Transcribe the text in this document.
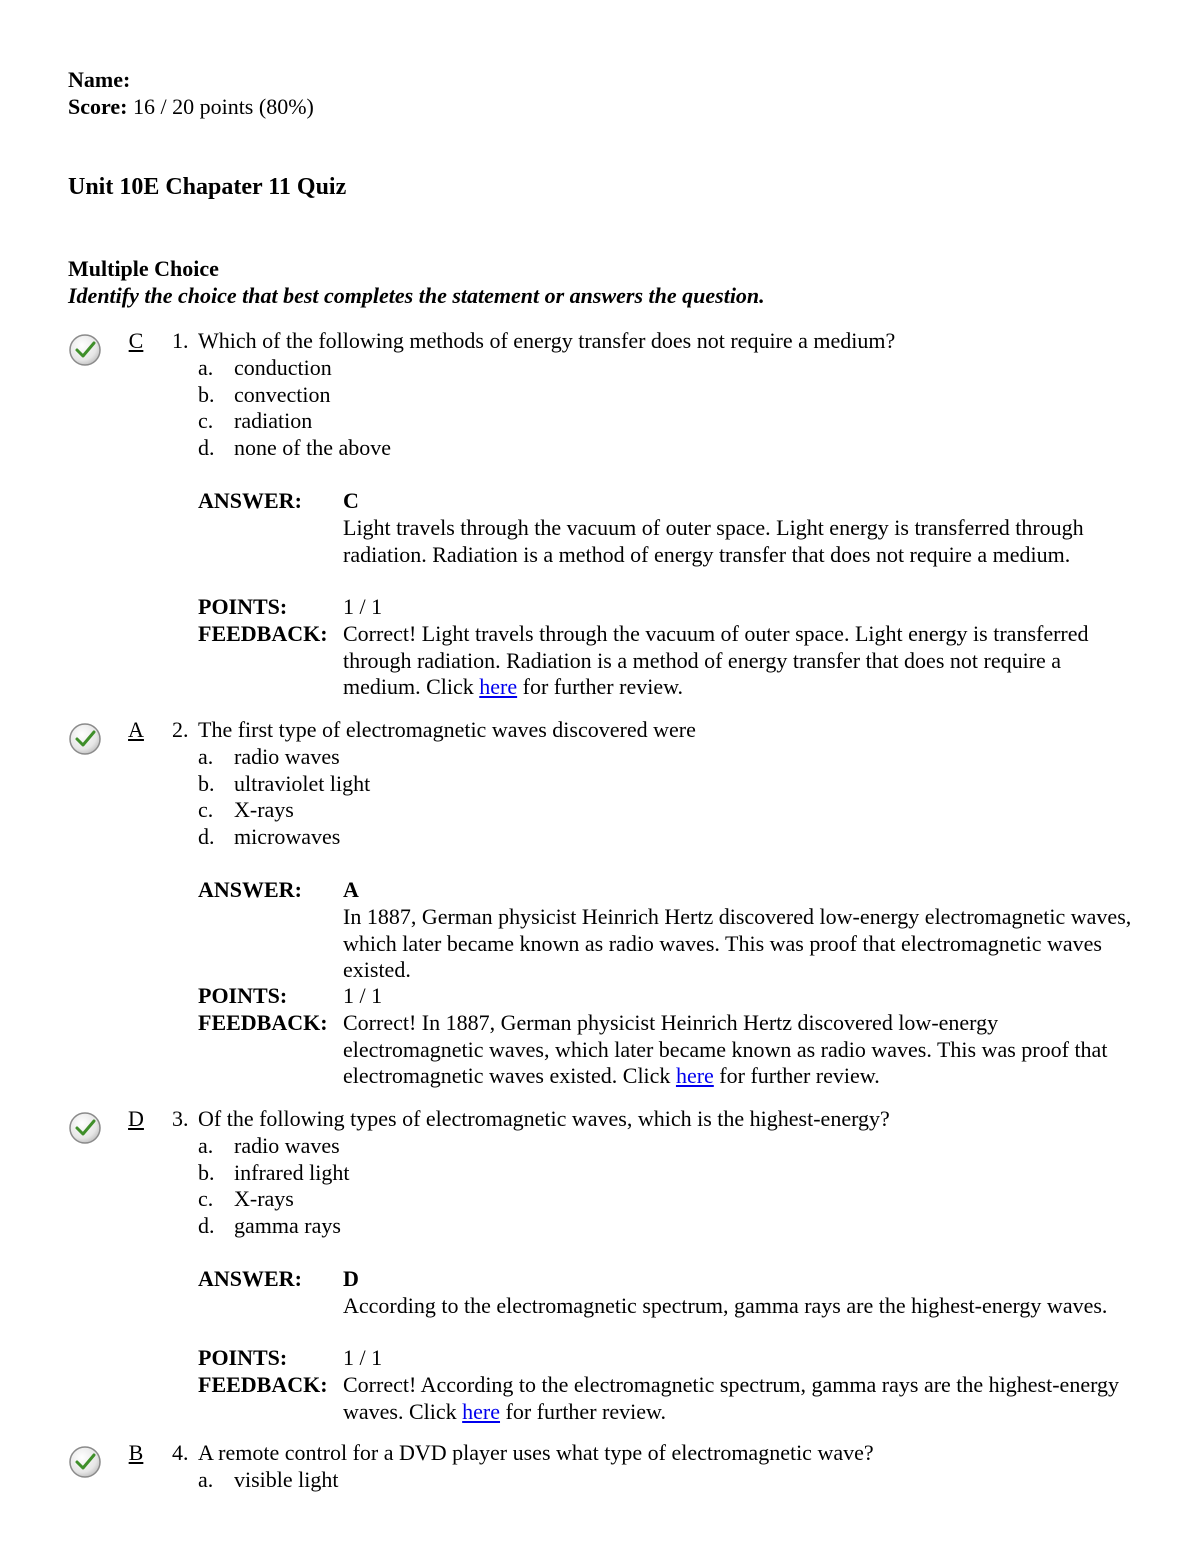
Name:
Score: 16 / 20 points (80%)
Unit 10E Chapater 11 Quiz
Multiple Choice
Identify the choice that best completes the statement or answers the question.
C	1. Which of the following methods of energy transfer does not require a medium?
a. conduction
b. convection
c. radiation
d. none of the above
ANSWER: C
Light travels through the vacuum of outer space. Light energy is transferred through radiation. Radiation is a method of energy transfer that does not require a medium.
POINTS:	1 / 1
FEEDBACK: Correct! Light travels through the vacuum of outer space. Light energy is transferred through radiation. Radiation is a method of energy transfer that does not require a medium. Click here for further review.
A	2. The first type of electromagnetic waves discovered were
a. radio waves
b. ultraviolet light
c. X-rays
d. microwaves
ANSWER: A
In 1887, German physicist Heinrich Hertz discovered low-energy electromagnetic waves, which later became known as radio waves. This was proof that electromagnetic waves existed.
POINTS:	1 / 1
FEEDBACK: Correct! In 1887, German physicist Heinrich Hertz discovered low-energy electromagnetic waves, which later became known as radio waves. This was proof that electromagnetic waves existed. Click here for further review.
D	3. Of the following types of electromagnetic waves, which is the highest-energy?
a. radio waves
b. infrared light
c. X-rays
d. gamma rays
ANSWER: D
According to the electromagnetic spectrum, gamma rays are the highest-energy waves.
POINTS:	1 / 1
FEEDBACK: Correct! According to the electromagnetic spectrum, gamma rays are the highest-energy waves. Click here for further review.
B	4. A remote control for a DVD player uses what type of electromagnetic wave?
a. visible light
